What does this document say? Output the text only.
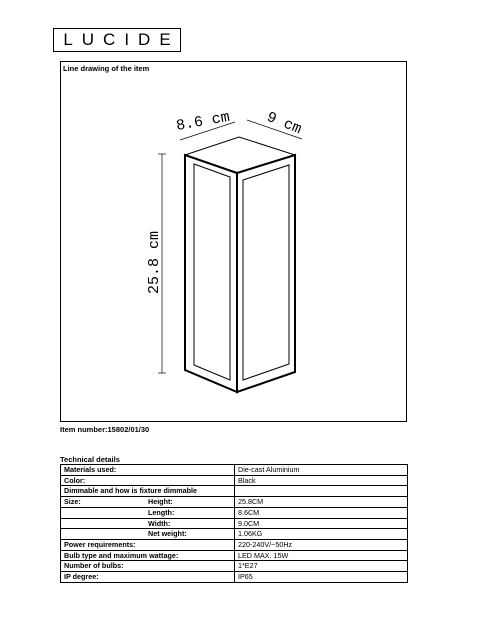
LUCIDE
Line drawing of the item
8.6 cm 9 cm
25.8 cm
Item number:15802/01/30
Technical details
Materials used:	Die-cast Aluminium
Color:	Black
Dimmable and how is fixture dimmable	

Size: Height:	25.8CM

Length:	8.6CM

Width:	9.0CM

Net weight:	1.06KG
Power requirements:	220-240V/~50Hz
Bulb type and maximum wattage:	LED MAX. 15W
Number of bulbs:	1*E27
IP degree:	IP65
